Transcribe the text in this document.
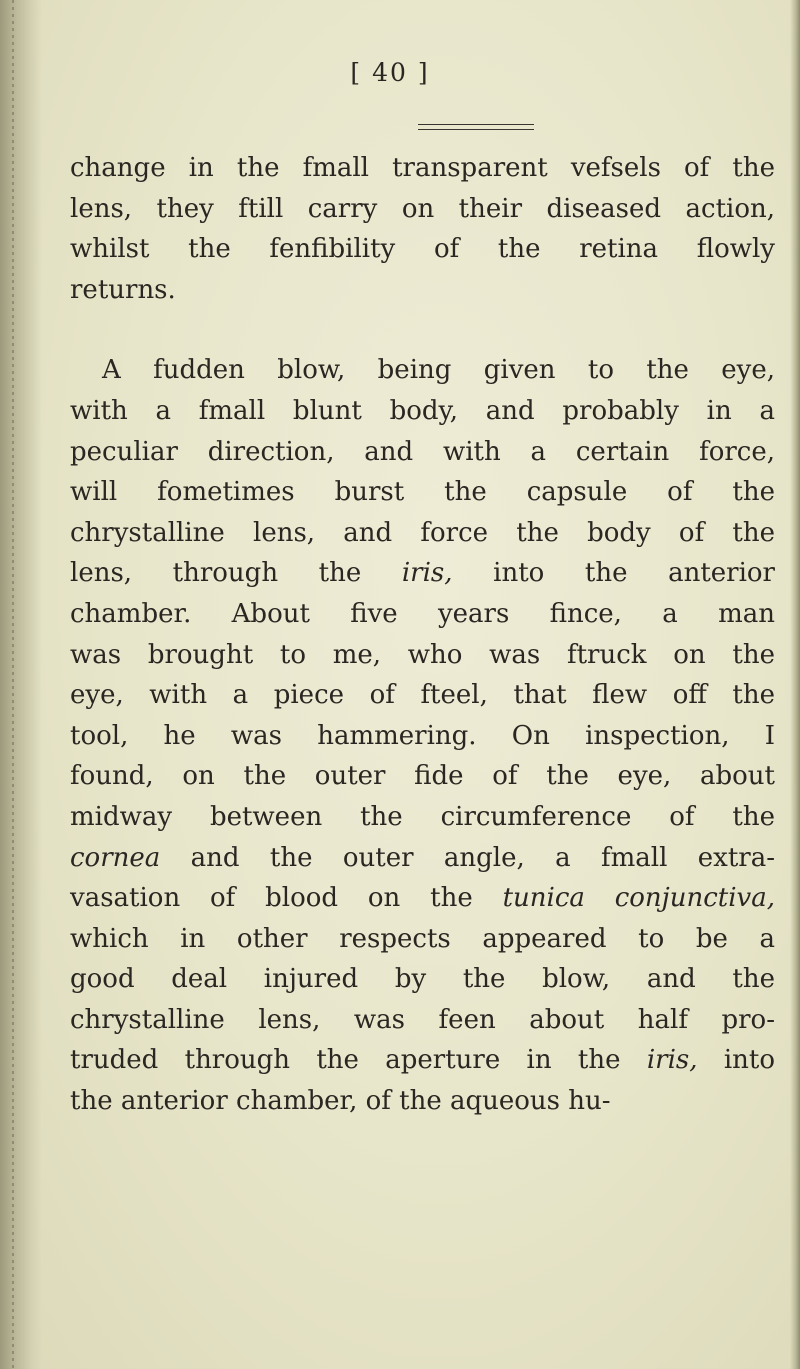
[ 40 ]

change in the fmall transparent vefsels of the

lens, they ftill carry on their diseased action,

whilst the fenfibility of the retina flowly

returns.

A fudden blow, being given to the eye,

with a fmall blunt body, and probably in a

peculiar direction, and with a certain force,

will fometimes burst the capsule of the

chrystalline lens, and force the body of the

lens, through the iris, into the anterior

chamber. About five years fince, a man

was brought to me, who was ftruck on the

eye, with a piece of fteel, that flew off the

tool, he was hammering. On inspection, I

found, on the outer fide of the eye, about

midway between the circumference of the

cornea and the outer angle, a fmall extra-

vasation of blood on the tunica conjunctiva,

which in other respects appeared to be a

good deal injured by the blow, and the

chrystalline lens, was feen about half pro-

truded through the aperture in the iris, into

the anterior chamber, of the aqueous hu-
